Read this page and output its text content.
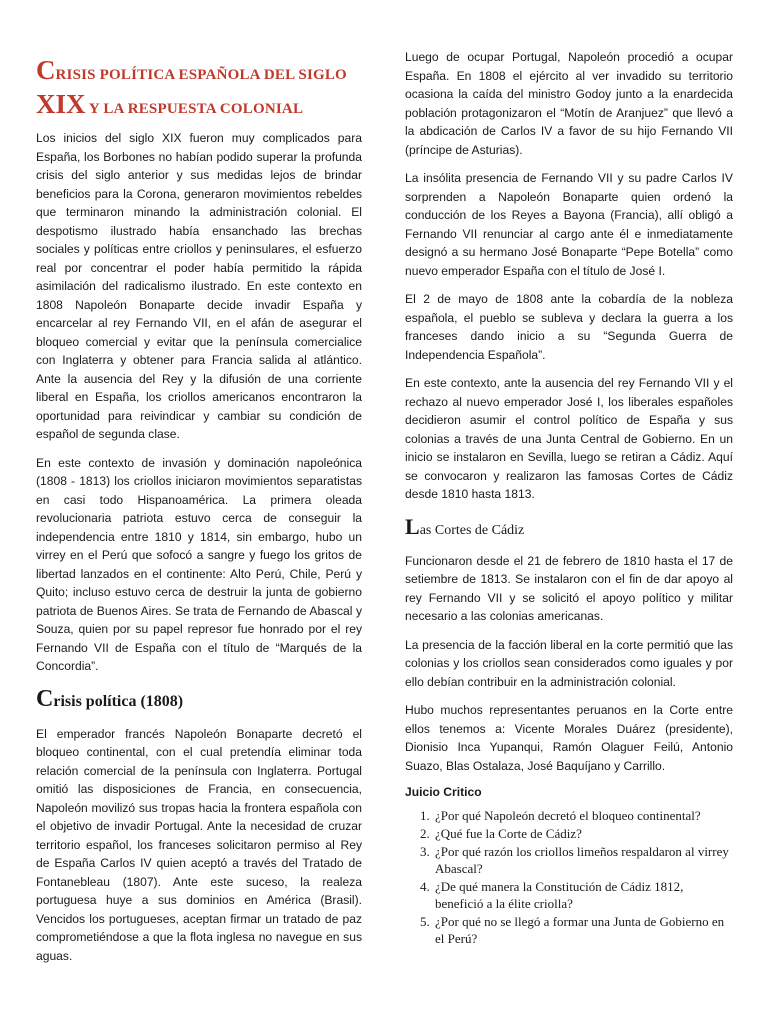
CRISIS POLÍTICA ESPAÑOLA DEL SIGLO
XIX Y LA RESPUESTA COLONIAL

Los inicios del siglo XIX fueron muy complicados para España, los Borbones no habían podido superar la profunda crisis del siglo anterior y sus medidas lejos de brindar beneficios para la Corona, generaron movimientos rebeldes que terminaron minando la administración colonial. El despotismo ilustrado había ensanchado las brechas sociales y políticas entre criollos y peninsulares, el esfuerzo real por concentrar el poder había permitido la rápida asimilación del radicalismo ilustrado. En este contexto en 1808 Napoleón Bonaparte decide invadir España y encarcelar al rey Fernando VII, en el afán de asegurar el bloqueo comercial y evitar que la península comercialice con Inglaterra y obtener para Francia salida al atlántico. Ante la ausencia del Rey y la difusión de una corriente liberal en España, los criollos americanos encontraron la oportunidad para reivindicar y cambiar su condición de español de segunda clase.

En este contexto de invasión y dominación napoleónica (1808 - 1813) los criollos iniciaron movimientos separatistas en casi todo Hispanoamérica. La primera oleada revolucionaria patriota estuvo cerca de conseguir la independencia entre 1810 y 1814, sin embargo, hubo un virrey en el Perú que sofocó a sangre y fuego los gritos de libertad lanzados en el continente: Alto Perú, Chile, Perú y Quito; incluso estuvo cerca de destruir la junta de gobierno patriota de Buenos Aires. Se trata de Fernando de Abascal y Souza, quien por su papel represor fue honrado por el rey Fernando VII de España con el título de “Marqués de la Concordia”.

Crisis política (1808)

El emperador francés Napoleón Bonaparte decretó el bloqueo continental, con el cual pretendía eliminar toda relación comercial de la península con Inglaterra. Portugal omitió las disposiciones de Francia, en consecuencia, Napoleón movilizó sus tropas hacia la frontera española con el objetivo de invadir Portugal. Ante la necesidad de cruzar territorio español, los franceses solicitaron permiso al Rey de España Carlos IV quien aceptó a través del Tratado de Fontanebleau (1807). Ante este suceso, la realeza portuguesa huye a sus dominios en América (Brasil). Vencidos los portugueses, aceptan firmar un tratado de paz comprometiéndose a que la flota inglesa no navegue en sus aguas.

Luego de ocupar Portugal, Napoleón procedió a ocupar España. En 1808 el ejército al ver invadido su territorio ocasiona la caída del ministro Godoy junto a la enardecida población protagonizaron el “Motín de Aranjuez” que llevó a la abdicación de Carlos IV a favor de su hijo Fernando VII (príncipe de Asturias).

La insólita presencia de Fernando VII y su padre Carlos IV sorprenden a Napoleón Bonaparte quien ordenó la conducción de los Reyes a Bayona (Francia), allí obligó a Fernando VII renunciar al cargo ante él e inmediatamente designó a su hermano José Bonaparte “Pepe Botella” como nuevo emperador España con el título de José I.

El 2 de mayo de 1808 ante la cobardía de la nobleza española, el pueblo se subleva y declara la guerra a los franceses dando inicio a su “Segunda Guerra de Independencia Española”.

En este contexto, ante la ausencia del rey Fernando VII y el rechazo al nuevo emperador José I, los liberales españoles decidieron asumir el control político de España y sus colonias a través de una Junta Central de Gobierno. En un inicio se instalaron en Sevilla, luego se retiran a Cádiz. Aquí se convocaron y realizaron las famosas Cortes de Cádiz desde 1810 hasta 1813.

Las Cortes de Cádiz

Funcionaron desde el 21 de febrero de 1810 hasta el 17 de setiembre de 1813. Se instalaron con el fin de dar apoyo al rey Fernando VII y se solicitó el apoyo político y militar necesario a las colonias americanas.

La presencia de la facción liberal en la corte permitió que las colonias y los criollos sean considerados como iguales y por ello debían contribuir en la administración colonial.

Hubo muchos representantes peruanos en la Corte entre ellos tenemos a: Vicente Morales Duárez (presidente), Dionisio Inca Yupanqui, Ramón Olaguer Feilú, Antonio Suazo, Blas Ostalaza, José Baquíjano y Carrillo.

Juicio Critico
1. ¿Por qué Napoleón decretó el bloqueo continental?
2. ¿Qué fue la Corte de Cádiz?
3. ¿Por qué razón los criollos limeños respaldaron al virrey Abascal?
4. ¿De qué manera la Constitución de Cádiz 1812, benefició a la élite criolla?
5. ¿Por qué no se llegó a formar una Junta de Gobierno en el Perú?
